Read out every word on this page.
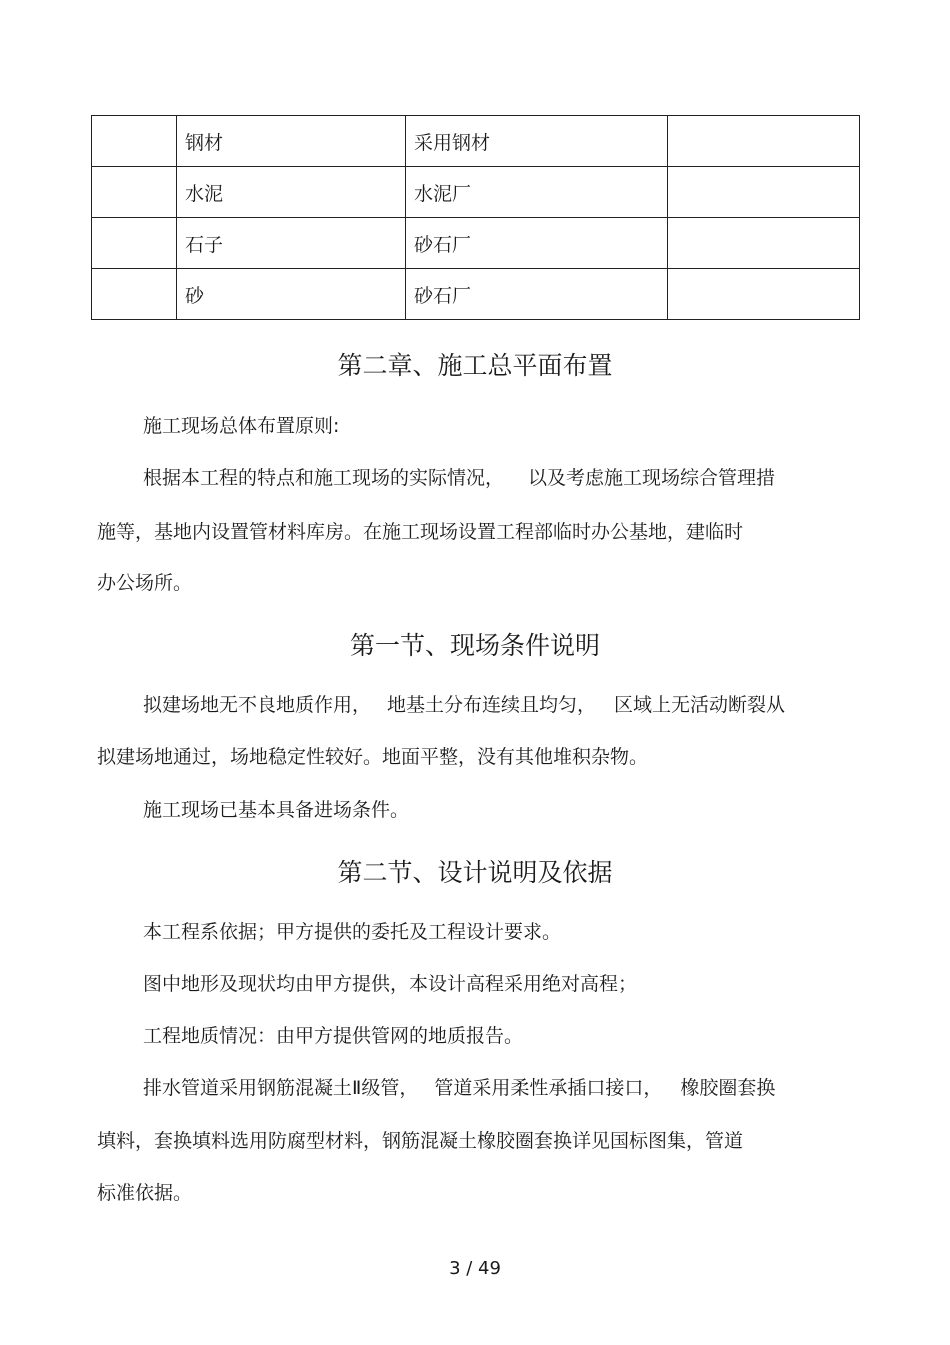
	钢材	采用钢材	
	水泥	水泥厂	
	石子	砂石厂	
	砂	砂石厂	
第二章、施工总平面布置
施工现场总体布置原则:
根据本工程的特点和施工现场的实际情况， 以及考虑施工现场综合管理措
施等，基地内设置管材料库房。在施工现场设置工程部临时办公基地，建临时
办公场所。
第一节、现场条件说明
拟建场地无不良地质作用， 地基土分布连续且均匀， 区域上无活动断裂从
拟建场地通过，场地稳定性较好。地面平整，没有其他堆积杂物。
施工现场已基本具备进场条件。
第二节、设计说明及依据
本工程系依据；甲方提供的委托及工程设计要求。
图中地形及现状均由甲方提供，本设计高程采用绝对高程；
工程地质情况：由甲方提供管网的地质报告。
排水管道采用钢筋混凝土Ⅱ级管， 管道采用柔性承插口接口， 橡胶圈套换
填料，套换填料选用防腐型材料，钢筋混凝土橡胶圈套换详见国标图集，管道
标准依据。
3 / 49
